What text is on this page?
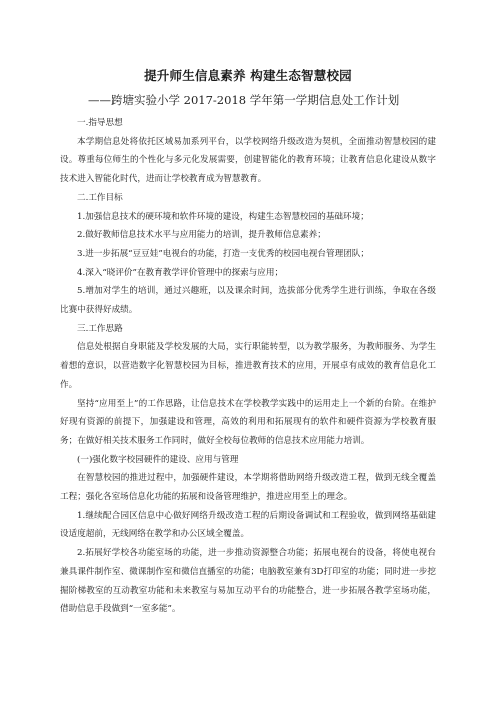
提升师生信息素养 构建生态智慧校园
——跨塘实验小学 2017-2018 学年第一学期信息处工作计划

一.指导思想

本学期信息处将依托区域易加系列平台，以学校网络升级改造为契机，全面推动智慧校园的建设。尊重每位师生的个性化与多元化发展需要，创建智能化的教育环境；让教育信息化建设从数字技术进入智能化时代，进而让学校教育成为智慧教育。

二.工作目标

1.加强信息技术的硬环境和软件环境的建设，构建生态智慧校园的基础环境；

2.做好教师信息技术水平与应用能力的培训，提升教师信息素养；

3.进一步拓展“豆豆娃”电视台的功能，打造一支优秀的校园电视台管理团队；

4.深入“晓评价”在教育教学评价管理中的探索与应用；

5.增加对学生的培训，通过兴趣班，以及课余时间，选拔部分优秀学生进行训练，争取在各级比赛中获得好成绩。

三.工作思路

信息处根据自身职能及学校发展的大局，实行职能转型，以为教学服务，为教师服务、为学生着想的意识，以营造数字化智慧校园为目标，推进教育技术的应用，开展卓有成效的教育信息化工作。

坚持“应用至上”的工作思路，让信息技术在学校教学实践中的运用走上一个新的台阶。在维护好现有资源的前提下，加强建设和管理，高效的利用和拓展现有的软件和硬件资源为学校教育服务；在做好相关技术服务工作同时，做好全校每位教师的信息技术应用能力培训。

(一)强化数字校园硬件的建设、应用与管理

在智慧校园的推进过程中，加强硬件建设，本学期将借助网络升级改造工程，做到无线全覆盖工程；强化各室场信息化功能的拓展和设备管理维护，推进应用至上的理念。

1.继续配合园区信息中心做好网络升级改造工程的后期设备调试和工程验收，做到网络基础建设适度超前，无线网络在教学和办公区域全覆盖。

2.拓展好学校各功能室场的功能，进一步推动资源整合功能；拓展电视台的设备，将使电视台兼具课件制作室、微课制作室和微信直播室的功能；电脑教室兼有3D打印室的功能；同时进一步挖掘阶梯教室的互动教室功能和未来教室与易加互动平台的功能整合，进一步拓展各教学室场功能，借助信息手段做到“一室多能”。
